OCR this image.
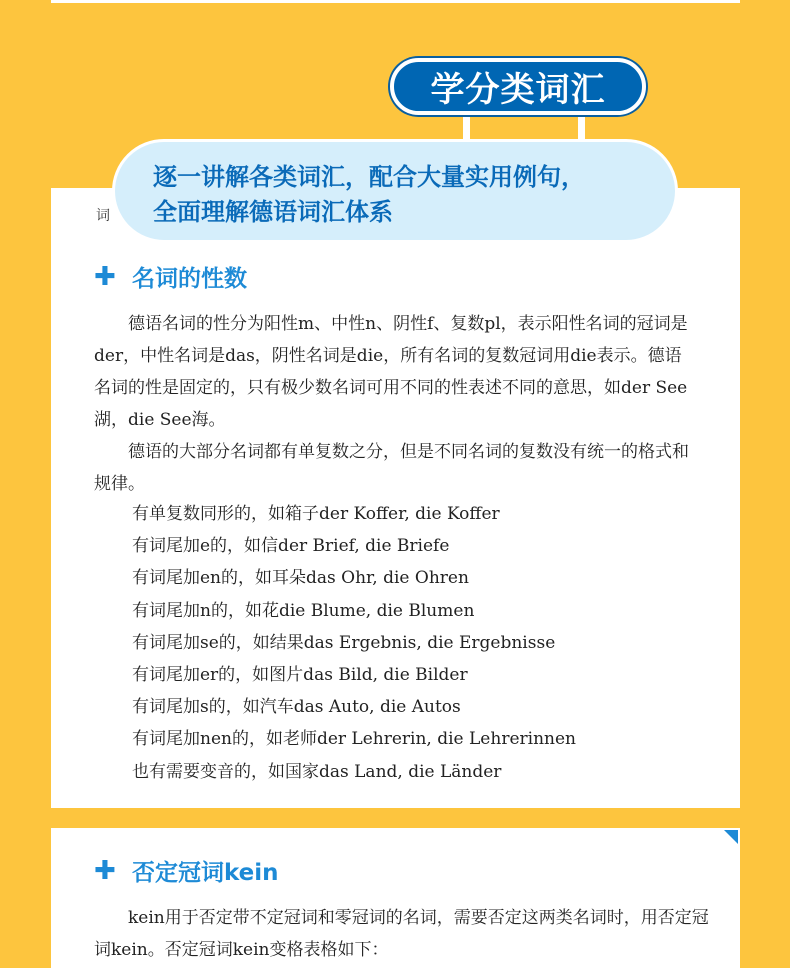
词
✚ 名词的性数

德语名词的性分为阳性m、中性n、阴性f、复数pl，表示阳性名词的冠词是der，中性名词是das，阴性名词是die，所有名词的复数冠词用die表示。德语名词的性是固定的，只有极少数名词可用不同的性表述不同的意思，如der See湖，die See海。

德语的大部分名词都有单复数之分，但是不同名词的复数没有统一的格式和规律。

有单复数同形的，如箱子der Koffer, die Koffer
有词尾加e的，如信der Brief, die Briefe
有词尾加en的，如耳朵das Ohr, die Ohren
有词尾加n的，如花die Blume, die Blumen
有词尾加se的，如结果das Ergebnis, die Ergebnisse
有词尾加er的，如图片das Bild, die Bilder
有词尾加s的，如汽车das Auto, die Autos
有词尾加nen的，如老师der Lehrerin, die Lehrerinnen
也有需要变音的，如国家das Land, die Länder
✚ 否定冠词kein

kein用于否定带不定冠词和零冠词的名词，需要否定这两类名词时，用否定冠词kein。否定冠词kein变格表格如下：

学分类词汇
逐一讲解各类词汇，配合大量实用例句，
全面理解德语词汇体系
